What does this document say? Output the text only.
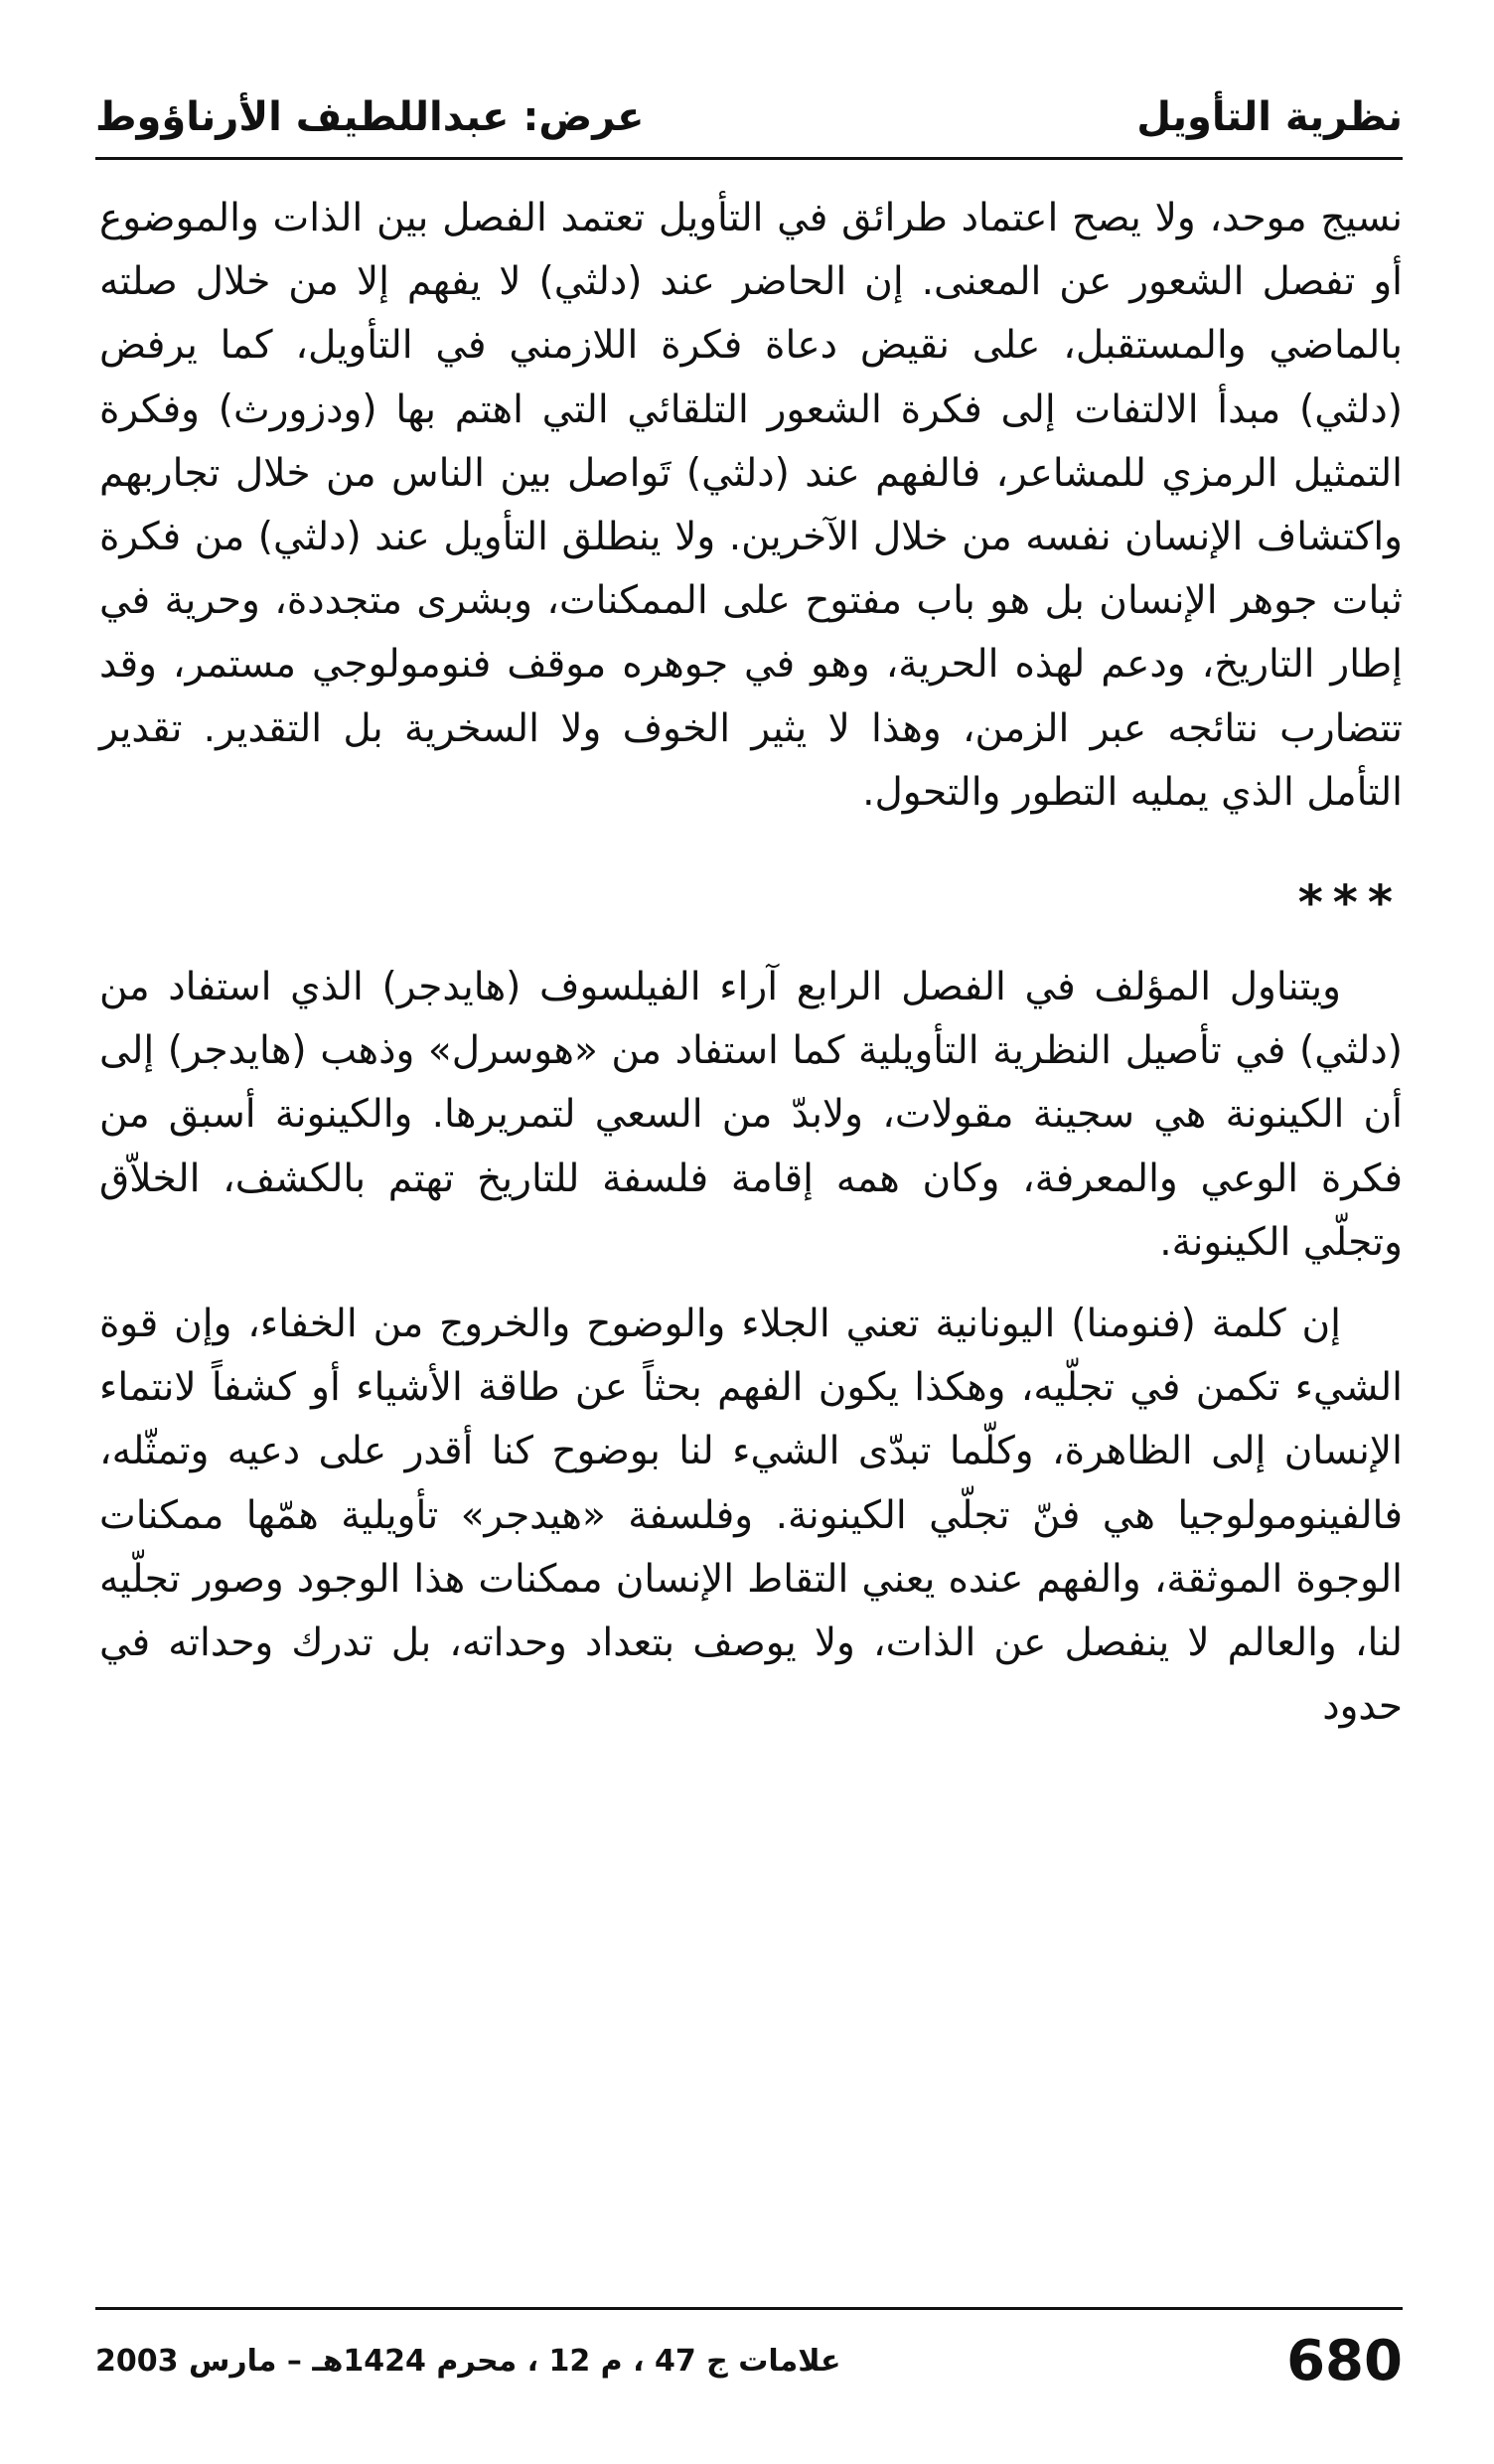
نظرية التأويل
عرض: عبداللطيف الأرناؤوط

نسيج موحد، ولا يصح اعتماد طرائق في التأويل تعتمد الفصل بين الذات والموضوع أو تفصل الشعور عن المعنى. إن الحاضر عند (دلثي) لا يفهم إلا من خلال صلته بالماضي والمستقبل، على نقيض دعاة فكرة اللازمني في التأويل، كما يرفض (دلثي) مبدأ الالتفات إلى فكرة الشعور التلقائي التي اهتم بها (ودزورث) وفكرة التمثيل الرمزي للمشاعر، فالفهم عند (دلثي) تَواصل بين الناس من خلال تجاربهم واكتشاف الإنسان نفسه من خلال الآخرين. ولا ينطلق التأويل عند (دلثي) من فكرة ثبات جوهر الإنسان بل هو باب مفتوح على الممكنات، وبشرى متجددة، وحرية في إطار التاريخ، ودعم لهذه الحرية، وهو في جوهره موقف فنومولوجي مستمر، وقد تتضارب نتائجه عبر الزمن، وهذا لا يثير الخوف ولا السخرية بل التقدير. تقدير التأمل الذي يمليه التطور والتحول.

***

ويتناول المؤلف في الفصل الرابع آراء الفيلسوف (هايدجر) الذي استفاد من (دلثي) في تأصيل النظرية التأويلية كما استفاد من «هوسرل» وذهب (هايدجر) إلى أن الكينونة هي سجينة مقولات، ولابدّ من السعي لتمريرها. والكينونة أسبق من فكرة الوعي والمعرفة، وكان همه إقامة فلسفة للتاريخ تهتم بالكشف، الخلاّق وتجلّي الكينونة.

إن كلمة (فنومنا) اليونانية تعني الجلاء والوضوح والخروج من الخفاء، وإن قوة الشيء تكمن في تجلّيه، وهكذا يكون الفهم بحثاً عن طاقة الأشياء أو كشفاً لانتماء الإنسان إلى الظاهرة، وكلّما تبدّى الشيء لنا بوضوح كنا أقدر على دعيه وتمثّله، فالفينومولوجيا هي فنّ تجلّي الكينونة. وفلسفة «هيدجر» تأويلية همّها ممكنات الوجوة الموثقة، والفهم عنده يعني التقاط الإنسان ممكنات هذا الوجود وصور تجلّيه لنا، والعالم لا ينفصل عن الذات، ولا يوصف بتعداد وحداته، بل تدرك وحداته في حدود

680
علامات ج 47 ، م 12 ، محرم 1424هـ – مارس 2003
